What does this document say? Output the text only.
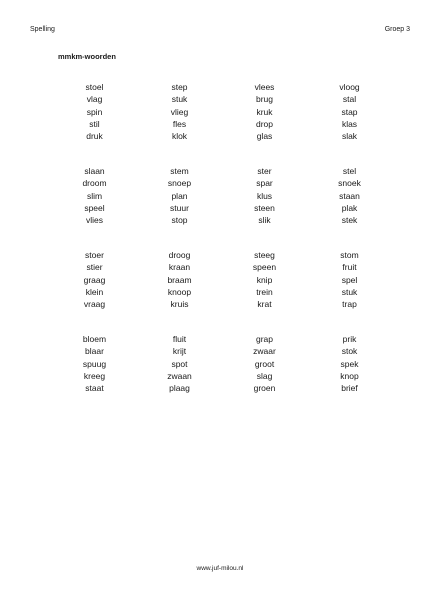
Spelling	Groep 3
mmkm-woorden
stoel	step	vlees	vloog
vlag	stuk	brug	stal
spin	vlieg	kruk	stap
stil	fles	drop	klas
druk	klok	glas	slak
slaan	stem	ster	stel
droom	snoep	spar	snoek
slim	plan	klus	staan
speel	stuur	steen	plak
vlies	stop	slik	stek
stoer	droog	steeg	stom
stier	kraan	speen	fruit
graag	braam	knip	spel
klein	knoop	trein	stuk
vraag	kruis	krat	trap
bloem	fluit	grap	prik
blaar	krijt	zwaar	stok
spuug	spot	groot	spek
kreeg	zwaan	slag	knop
staat	plaag	groen	brief
www.juf-milou.nl
